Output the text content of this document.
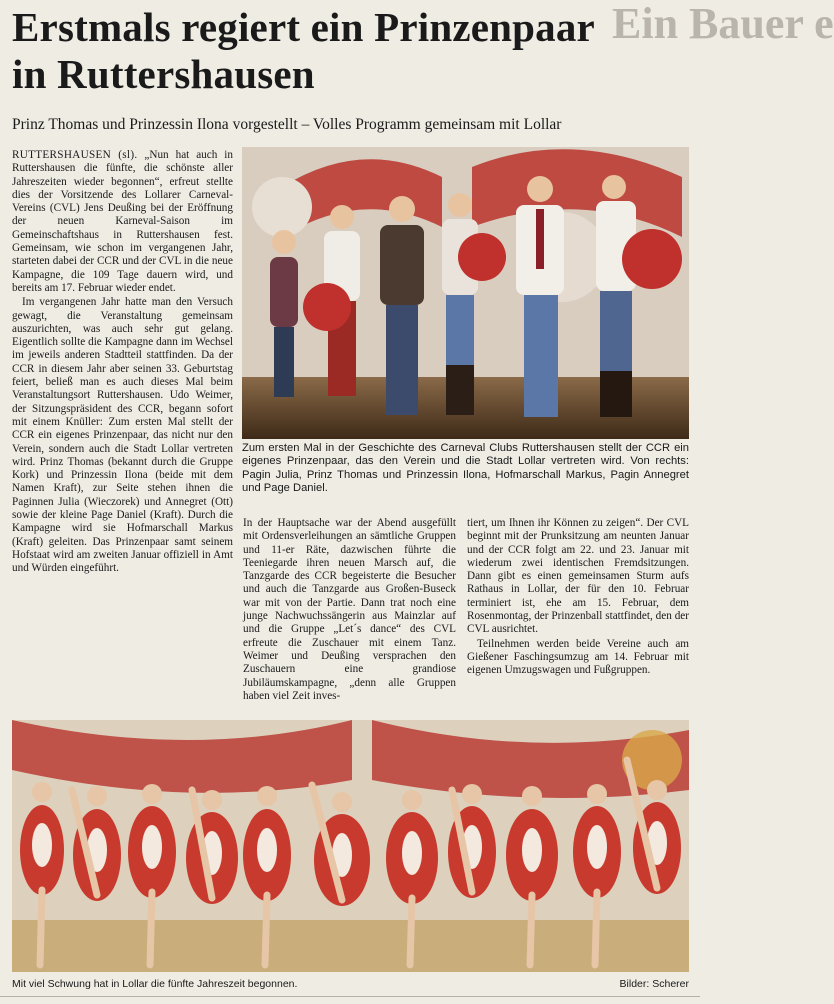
Ein Bauer e
Erstmals regiert ein Prinzenpaar in Ruttershausen
Prinz Thomas und Prinzessin Ilona vorgestellt – Volles Programm gemeinsam mit Lollar

RUTTERSHAUSEN (sl). „Nun hat auch in Ruttershausen die fünfte, die schönste aller Jahreszeiten wieder begonnen“, erfreut stellte dies der Vorsitzende des Lollarer Carneval-Vereins (CVL) Jens Deußing bei der Eröffnung der neuen Karneval-Saison im Gemeinschaftshaus in Ruttershausen fest. Gemeinsam, wie schon im vergangenen Jahr, starteten dabei der CCR und der CVL in die neue Kampagne, die 109 Tage dauern wird, und bereits am 17. Februar wieder endet.

Im vergangenen Jahr hatte man den Versuch gewagt, die Veranstaltung gemeinsam auszurichten, was auch sehr gut gelang. Eigentlich sollte die Kampagne dann im Wechsel im jeweils anderen Stadtteil stattfinden. Da der CCR in diesem Jahr aber seinen 33. Geburtstag feiert, beließ man es auch dieses Mal beim Veranstaltungsort Ruttershausen. Udo Weimer, der Sitzungspräsident des CCR, begann sofort mit einem Knüller: Zum ersten Mal stellt der CCR ein eigenes Prinzenpaar, das nicht nur den Verein, sondern auch die Stadt Lollar vertreten wird. Prinz Thomas (bekannt durch die Gruppe Kork) und Prinzessin Ilona (beide mit dem Namen Kraft), zur Seite stehen ihnen die Paginnen Julia (Wieczorek) und Annegret (Ott) sowie der kleine Page Daniel (Kraft). Durch die Kampagne wird sie Hofmarschall Markus (Kraft) geleiten. Das Prinzenpaar samt seinem Hofstaat wird am zweiten Januar offiziell in Amt und Würden eingeführt.

Zum ersten Mal in der Geschichte des Carneval Clubs Ruttershausen stellt der CCR ein eigenes Prinzenpaar, das den Verein und die Stadt Lollar vertreten wird. Von rechts: Pagin Julia, Prinz Thomas und Prinzessin Ilona, Hofmarschall Markus, Pagin Annegret und Page Daniel.

In der Hauptsache war der Abend ausgefüllt mit Ordensverleihungen an sämtliche Gruppen und 11-er Räte, dazwischen führte die Teeniegarde ihren neuen Marsch auf, die Tanzgarde des CCR begeisterte die Besucher und auch die Tanzgarde aus Großen-Buseck war mit von der Partie. Dann trat noch eine junge Nachwuchssängerin aus Mainzlar auf und die Gruppe „Let´s dance“ des CVL erfreute die Zuschauer mit einem Tanz. Weimer und Deußing versprachen den Zuschauern eine grandiose Jubiläumskampagne, „denn alle Gruppen haben viel Zeit inves-

tiert, um Ihnen ihr Können zu zeigen“. Der CVL beginnt mit der Prunksitzung am neunten Januar und der CCR folgt am 22. und 23. Januar mit wiederum zwei identischen Fremdsitzungen. Dann gibt es einen gemeinsamen Sturm aufs Rathaus in Lollar, der für den 10. Februar terminiert ist, ehe am 15. Februar, dem Rosenmontag, der Prinzenball stattfindet, den der CVL ausrichtet.

Teilnehmen werden beide Vereine auch am Gießener Faschingsumzug am 14. Februar mit eigenen Umzugswagen und Fußgruppen.

Mit viel Schwung hat in Lollar die fünfte Jahreszeit begonnen.	Bilder: Scherer
